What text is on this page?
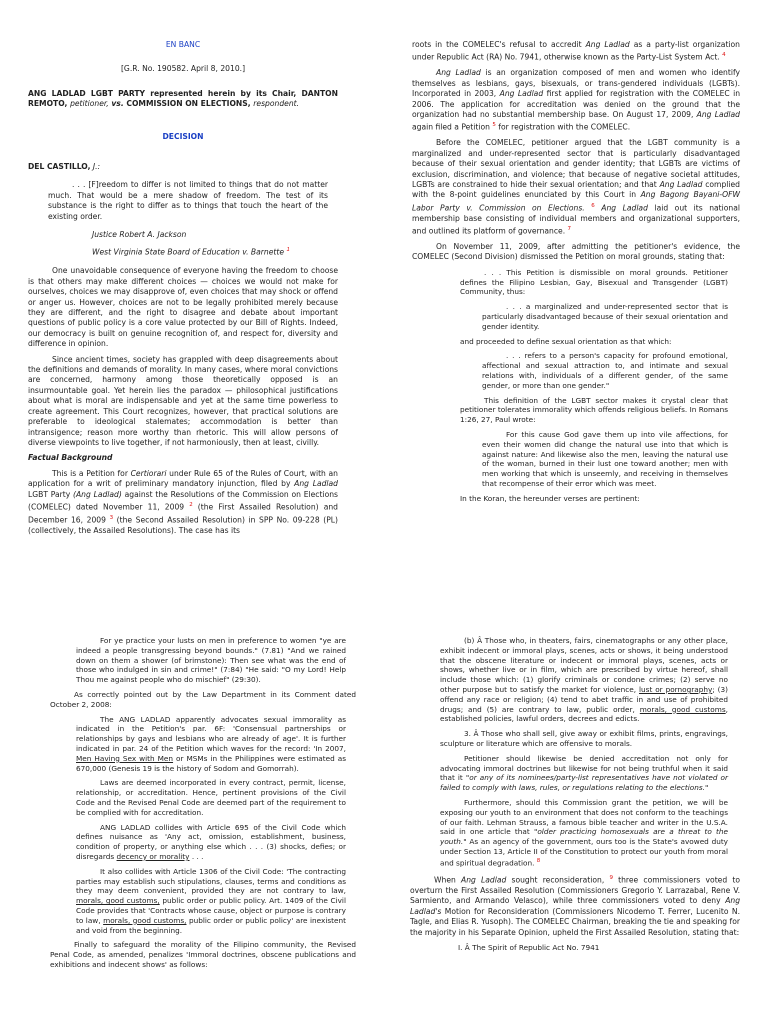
EN BANC

[G.R. No. 190582. April 8, 2010.]

ANG LADLAD LGBT PARTY represented herein by its Chair, DANTON REMOTO, petitioner, vs. COMMISSION ON ELECTIONS, respondent.

DECISION

DEL CASTILLO, J.:

. . . [F]reedom to differ is not limited to things that do not matter much. That would be a mere shadow of freedom. The test of its substance is the right to differ as to things that touch the heart of the existing order.

Justice Robert A. Jackson

West Virginia State Board of Education v. Barnette $^1$

One unavoidable consequence of everyone having the freedom to choose is that others may make different choices — choices we would not make for ourselves, choices we may disapprove of, even choices that may shock or offend or anger us. However, choices are not to be legally prohibited merely because they are different, and the right to disagree and debate about important questions of public policy is a core value protected by our Bill of Rights. Indeed, our democracy is built on genuine recognition of, and respect for, diversity and difference in opinion.

Since ancient times, society has grappled with deep disagreements about the definitions and demands of morality. In many cases, where moral convictions are concerned, harmony among those theoretically opposed is an insurmountable goal. Yet herein lies the paradox — philosophical justifications about what is moral are indispensable and yet at the same time powerless to create agreement. This Court recognizes, however, that practical solutions are preferable to ideological stalemates; accommodation is better than intransigence; reason more worthy than rhetoric. This will allow persons of diverse viewpoints to live together, if not harmoniously, then at least, civilly.

Factual Background

This is a Petition for Certiorari under Rule 65 of the Rules of Court, with an application for a writ of preliminary mandatory injunction, filed by Ang Ladlad LGBT Party (Ang Ladlad) against the Resolutions of the Commission on Elections (COMELEC) dated November 11, 2009 $^2$ (the First Assailed Resolution) and December 16, 2009 $^3$ (the Second Assailed Resolution) in SPP No. 09-228 (PL) (collectively, the Assailed Resolutions). The case has its

roots in the COMELEC's refusal to accredit Ang Ladlad as a party-list organization under Republic Act (RA) No. 7941, otherwise known as the Party-List System Act. $^4$

Ang Ladlad is an organization composed of men and women who identify themselves as lesbians, gays, bisexuals, or trans-gendered individuals (LGBTs). Incorporated in 2003, Ang Ladlad first applied for registration with the COMELEC in 2006. The application for accreditation was denied on the ground that the organization had no substantial membership base. On August 17, 2009, Ang Ladlad again filed a Petition $^5$ for registration with the COMELEC.

Before the COMELEC, petitioner argued that the LGBT community is a marginalized and under-represented sector that is particularly disadvantaged because of their sexual orientation and gender identity; that LGBTs are victims of exclusion, discrimination, and violence; that because of negative societal attitudes, LGBTs are constrained to hide their sexual orientation; and that Ang Ladlad complied with the 8-point guidelines enunciated by this Court in Ang Bagong Bayani-OFW Labor Party v. Commission on Elections. $^6$ Ang Ladlad laid out its national membership base consisting of individual members and organizational supporters, and outlined its platform of governance. $^7$

On November 11, 2009, after admitting the petitioner's evidence, the COMELEC (Second Division) dismissed the Petition on moral grounds, stating that:

. . . This Petition is dismissible on moral grounds. Petitioner defines the Filipino Lesbian, Gay, Bisexual and Transgender (LGBT) Community, thus:

. . . a marginalized and under-represented sector that is particularly disadvantaged because of their sexual orientation and gender identity.

and proceeded to define sexual orientation as that which:

. . . refers to a person's capacity for profound emotional, affectional and sexual attraction to, and intimate and sexual relations with, individuals of a different gender, of the same gender, or more than one gender."

This definition of the LGBT sector makes it crystal clear that petitioner tolerates immorality which offends religious beliefs. In Romans 1:26, 27, Paul wrote:

For this cause God gave them up into vile affections, for even their women did change the natural use into that which is against nature: And likewise also the men, leaving the natural use of the woman, burned in their lust one toward another; men with men working that which is unseemly, and receiving in themselves that recompense of their error which was meet.

In the Koran, the hereunder verses are pertinent:

For ye practice your lusts on men in preference to women "ye are indeed a people transgressing beyond bounds." (7.81) "And we rained down on them a shower (of brimstone): Then see what was the end of those who indulged in sin and crime!" (7:84) "He said: "O my Lord! Help Thou me against people who do mischief" (29:30).

As correctly pointed out by the Law Department in its Comment dated October 2, 2008:

The ANG LADLAD apparently advocates sexual immorality as indicated in the Petition's par. 6F: 'Consensual partnerships or relationships by gays and lesbians who are already of age'. It is further indicated in par. 24 of the Petition which waves for the record: 'In 2007, Men Having Sex with Men or MSMs in the Philippines were estimated as 670,000 (Genesis 19 is the history of Sodom and Gomorrah).

Laws are deemed incorporated in every contract, permit, license, relationship, or accreditation. Hence, pertinent provisions of the Civil Code and the Revised Penal Code are deemed part of the requirement to be complied with for accreditation.

ANG LADLAD collides with Article 695 of the Civil Code which defines nuisance as 'Any act, omission, establishment, business, condition of property, or anything else which . . . (3) shocks, defies; or disregards decency or morality . . .

It also collides with Article 1306 of the Civil Code: 'The contracting parties may establish such stipulations, clauses, terms and conditions as they may deem convenient, provided they are not contrary to law, morals, good customs, public order or public policy. Art. 1409 of the Civil Code provides that 'Contracts whose cause, object or purpose is contrary to law, morals, good customs, public order or public policy' are inexistent and void from the beginning.

Finally to safeguard the morality of the Filipino community, the Revised Penal Code, as amended, penalizes 'Immoral doctrines, obscene publications and exhibitions and indecent shows' as follows:

(b) Â Those who, in theaters, fairs, cinematographs or any other place, exhibit indecent or immoral plays, scenes, acts or shows, it being understood that the obscene literature or indecent or immoral plays, scenes, acts or shows, whether live or in film, which are prescribed by virtue hereof, shall include those which: (1) glorify criminals or condone crimes; (2) serve no other purpose but to satisfy the market for violence, lust or pornography; (3) offend any race or religion; (4) tend to abet traffic in and use of prohibited drugs; and (5) are contrary to law, public order, morals, good customs, established policies, lawful orders, decrees and edicts.

3. Â Those who shall sell, give away or exhibit films, prints, engravings, sculpture or literature which are offensive to morals.

Petitioner should likewise be denied accreditation not only for advocating immoral doctrines but likewise for not being truthful when it said that it "or any of its nominees/party-list representatives have not violated or failed to comply with laws, rules, or regulations relating to the elections."

Furthermore, should this Commission grant the petition, we will be exposing our youth to an environment that does not conform to the teachings of our faith. Lehman Strauss, a famous bible teacher and writer in the U.S.A. said in one article that "older practicing homosexuals are a threat to the youth." As an agency of the government, ours too is the State's avowed duty under Section 13, Article II of the Constitution to protect our youth from moral and spiritual degradation. $^8$

When Ang Ladlad sought reconsideration, $^9$ three commissioners voted to overturn the First Assailed Resolution (Commissioners Gregorio Y. Larrazabal, Rene V. Sarmiento, and Armando Velasco), while three commissioners voted to deny Ang Ladlad's Motion for Reconsideration (Commissioners Nicodemo T. Ferrer, Lucenito N. Tagle, and Elias R. Yusoph). The COMELEC Chairman, breaking the tie and speaking for the majority in his Separate Opinion, upheld the First Assailed Resolution, stating that:

I. Â The Spirit of Republic Act No. 7941
